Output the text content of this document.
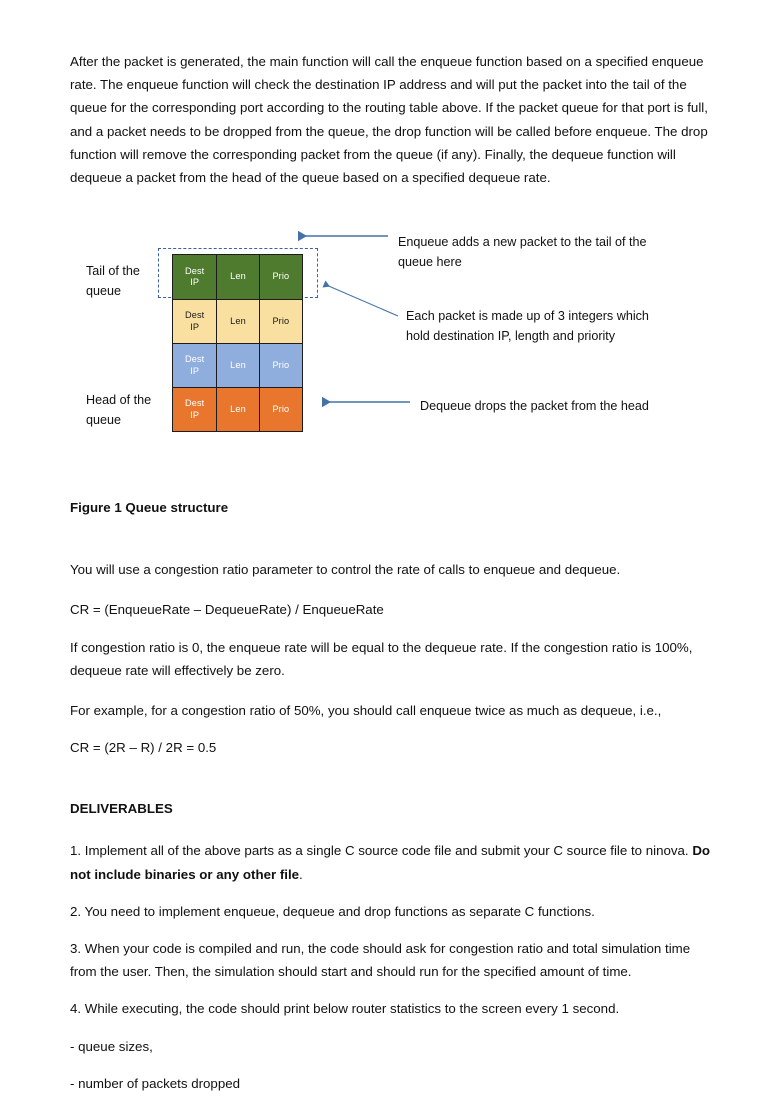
After the packet is generated, the main function will call the enqueue function based on a specified enqueue rate. The enqueue function will check the destination IP address and will put the packet into the tail of the queue for the corresponding port according to the routing table above. If the packet queue for that port is full, and a packet needs to be dropped from the queue, the drop function will be called before enqueue. The drop function will remove the corresponding packet from the queue (if any). Finally, the dequeue function will dequeue a packet from the head of the queue based on a specified dequeue rate.

Tail of the
queue
Head of the
queue
Dest
IP
Len	Prio
Dest
IP
Len	Prio
Dest
IP
Len	Prio
Dest
IP
Len	Prio
Enqueue adds a new packet to the tail of the queue here
Each packet is made up of 3 integers which hold destination IP, length and priority
Dequeue drops the packet from the head

Figure 1 Queue structure

You will use a congestion ratio parameter to control the rate of calls to enqueue and dequeue.

CR = (EnqueueRate – DequeueRate) / EnqueueRate

If congestion ratio is 0, the enqueue rate will be equal to the dequeue rate. If the congestion ratio is 100%, dequeue rate will effectively be zero.

For example, for a congestion ratio of 50%, you should call enqueue twice as much as dequeue, i.e.,

CR = (2R – R) / 2R = 0.5

DELIVERABLES

1. Implement all of the above parts as a single C source code file and submit your C source file to ninova. Do not include binaries or any other file.

2. You need to implement enqueue, dequeue and drop functions as separate C functions.

3. When your code is compiled and run, the code should ask for congestion ratio and total simulation time from the user. Then, the simulation should start and should run for the specified amount of time.

4. While executing, the code should print below router statistics to the screen every 1 second.

- queue sizes,

- number of packets dropped
